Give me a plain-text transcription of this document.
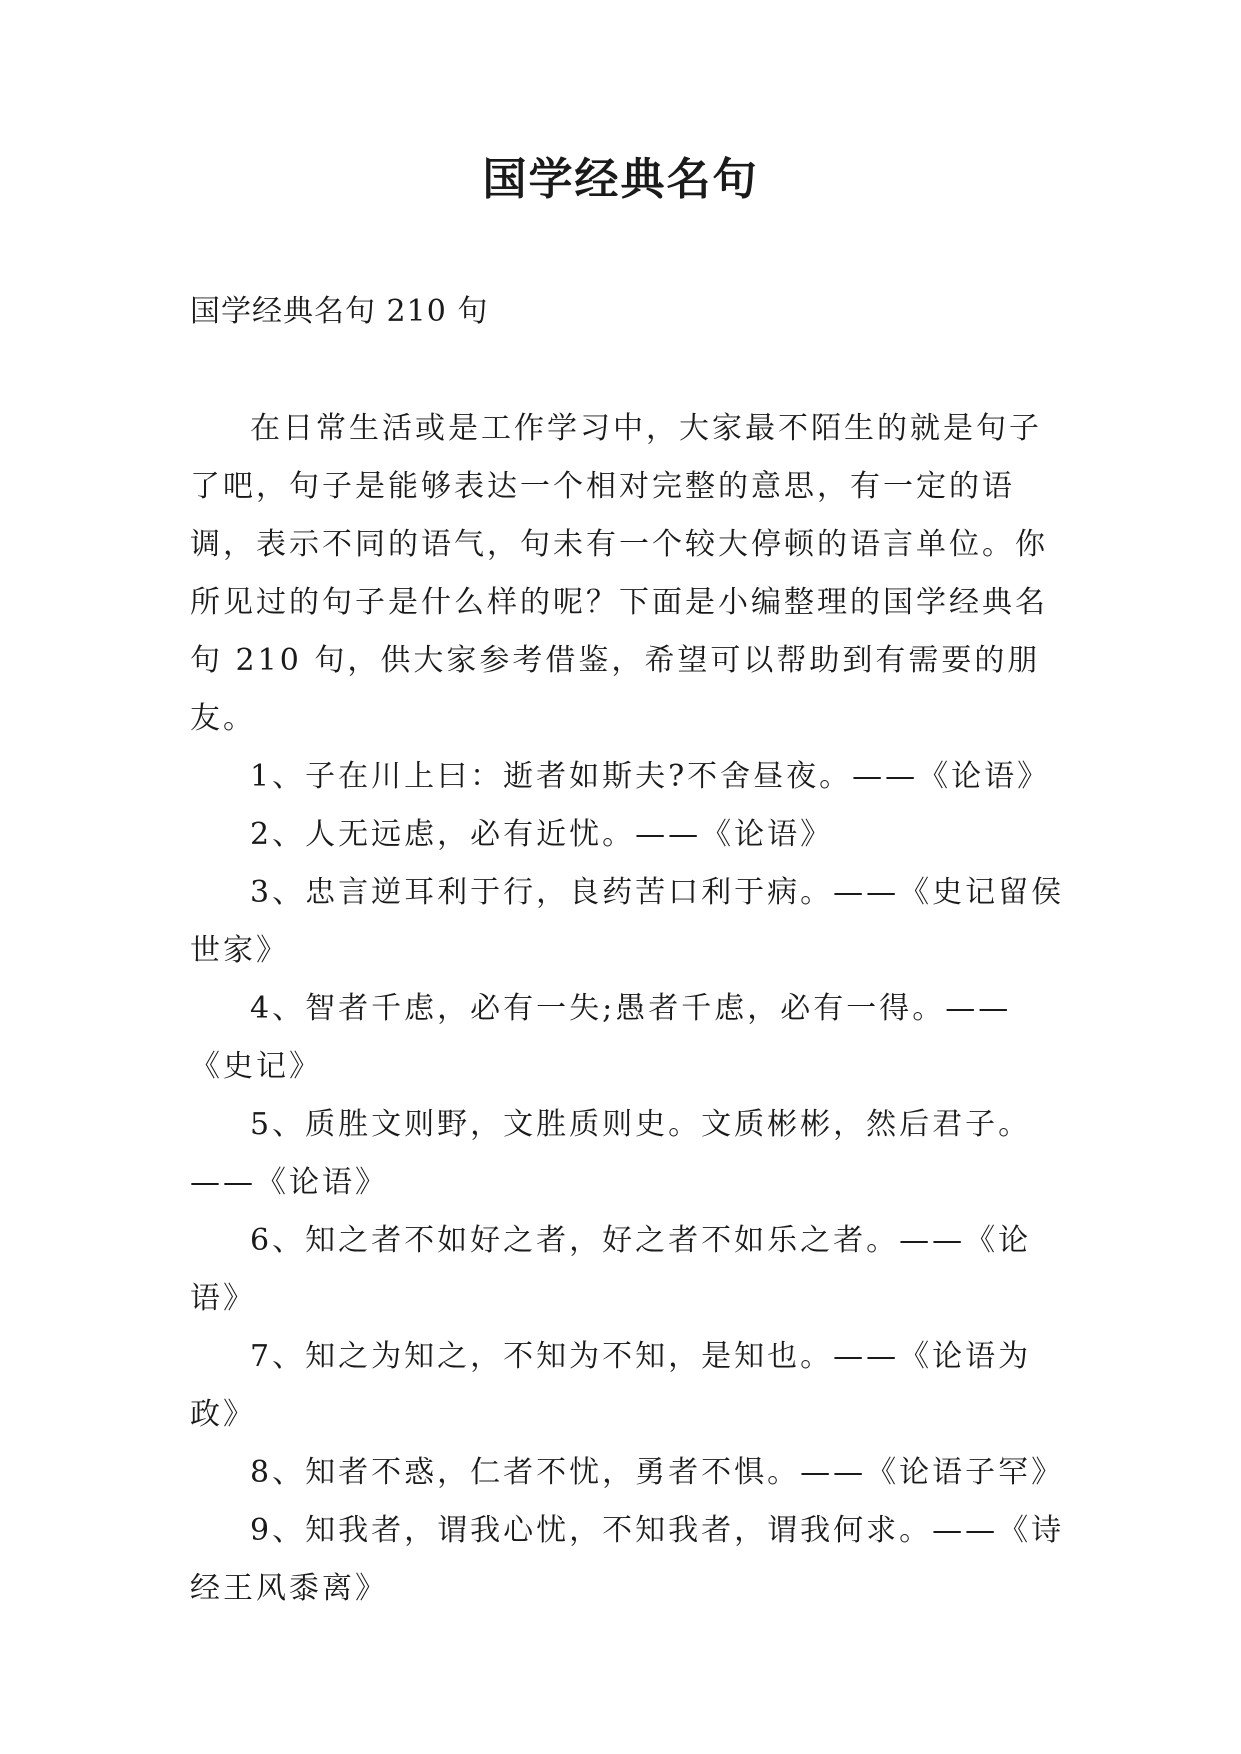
国学经典名句
国学经典名句 210 句

在日常生活或是工作学习中，大家最不陌生的就是句子了吧，句子是能够表达一个相对完整的意思，有一定的语调，表示不同的语气，句未有一个较大停顿的语言单位。你所见过的句子是什么样的呢？下面是小编整理的国学经典名句 210 句，供大家参考借鉴，希望可以帮助到有需要的朋友。

1、子在川上曰：逝者如斯夫?不舍昼夜。——《论语》

2、人无远虑，必有近忧。——《论语》

3、忠言逆耳利于行，良药苦口利于病。——《史记留侯世家》

4、智者千虑，必有一失;愚者千虑，必有一得。——《史记》

5、质胜文则野，文胜质则史。文质彬彬，然后君子。——《论语》

6、知之者不如好之者，好之者不如乐之者。——《论语》

7、知之为知之，不知为不知，是知也。——《论语为政》

8、知者不惑，仁者不忧，勇者不惧。——《论语子罕》

9、知我者，谓我心忧，不知我者，谓我何求。——《诗经王风黍离》
